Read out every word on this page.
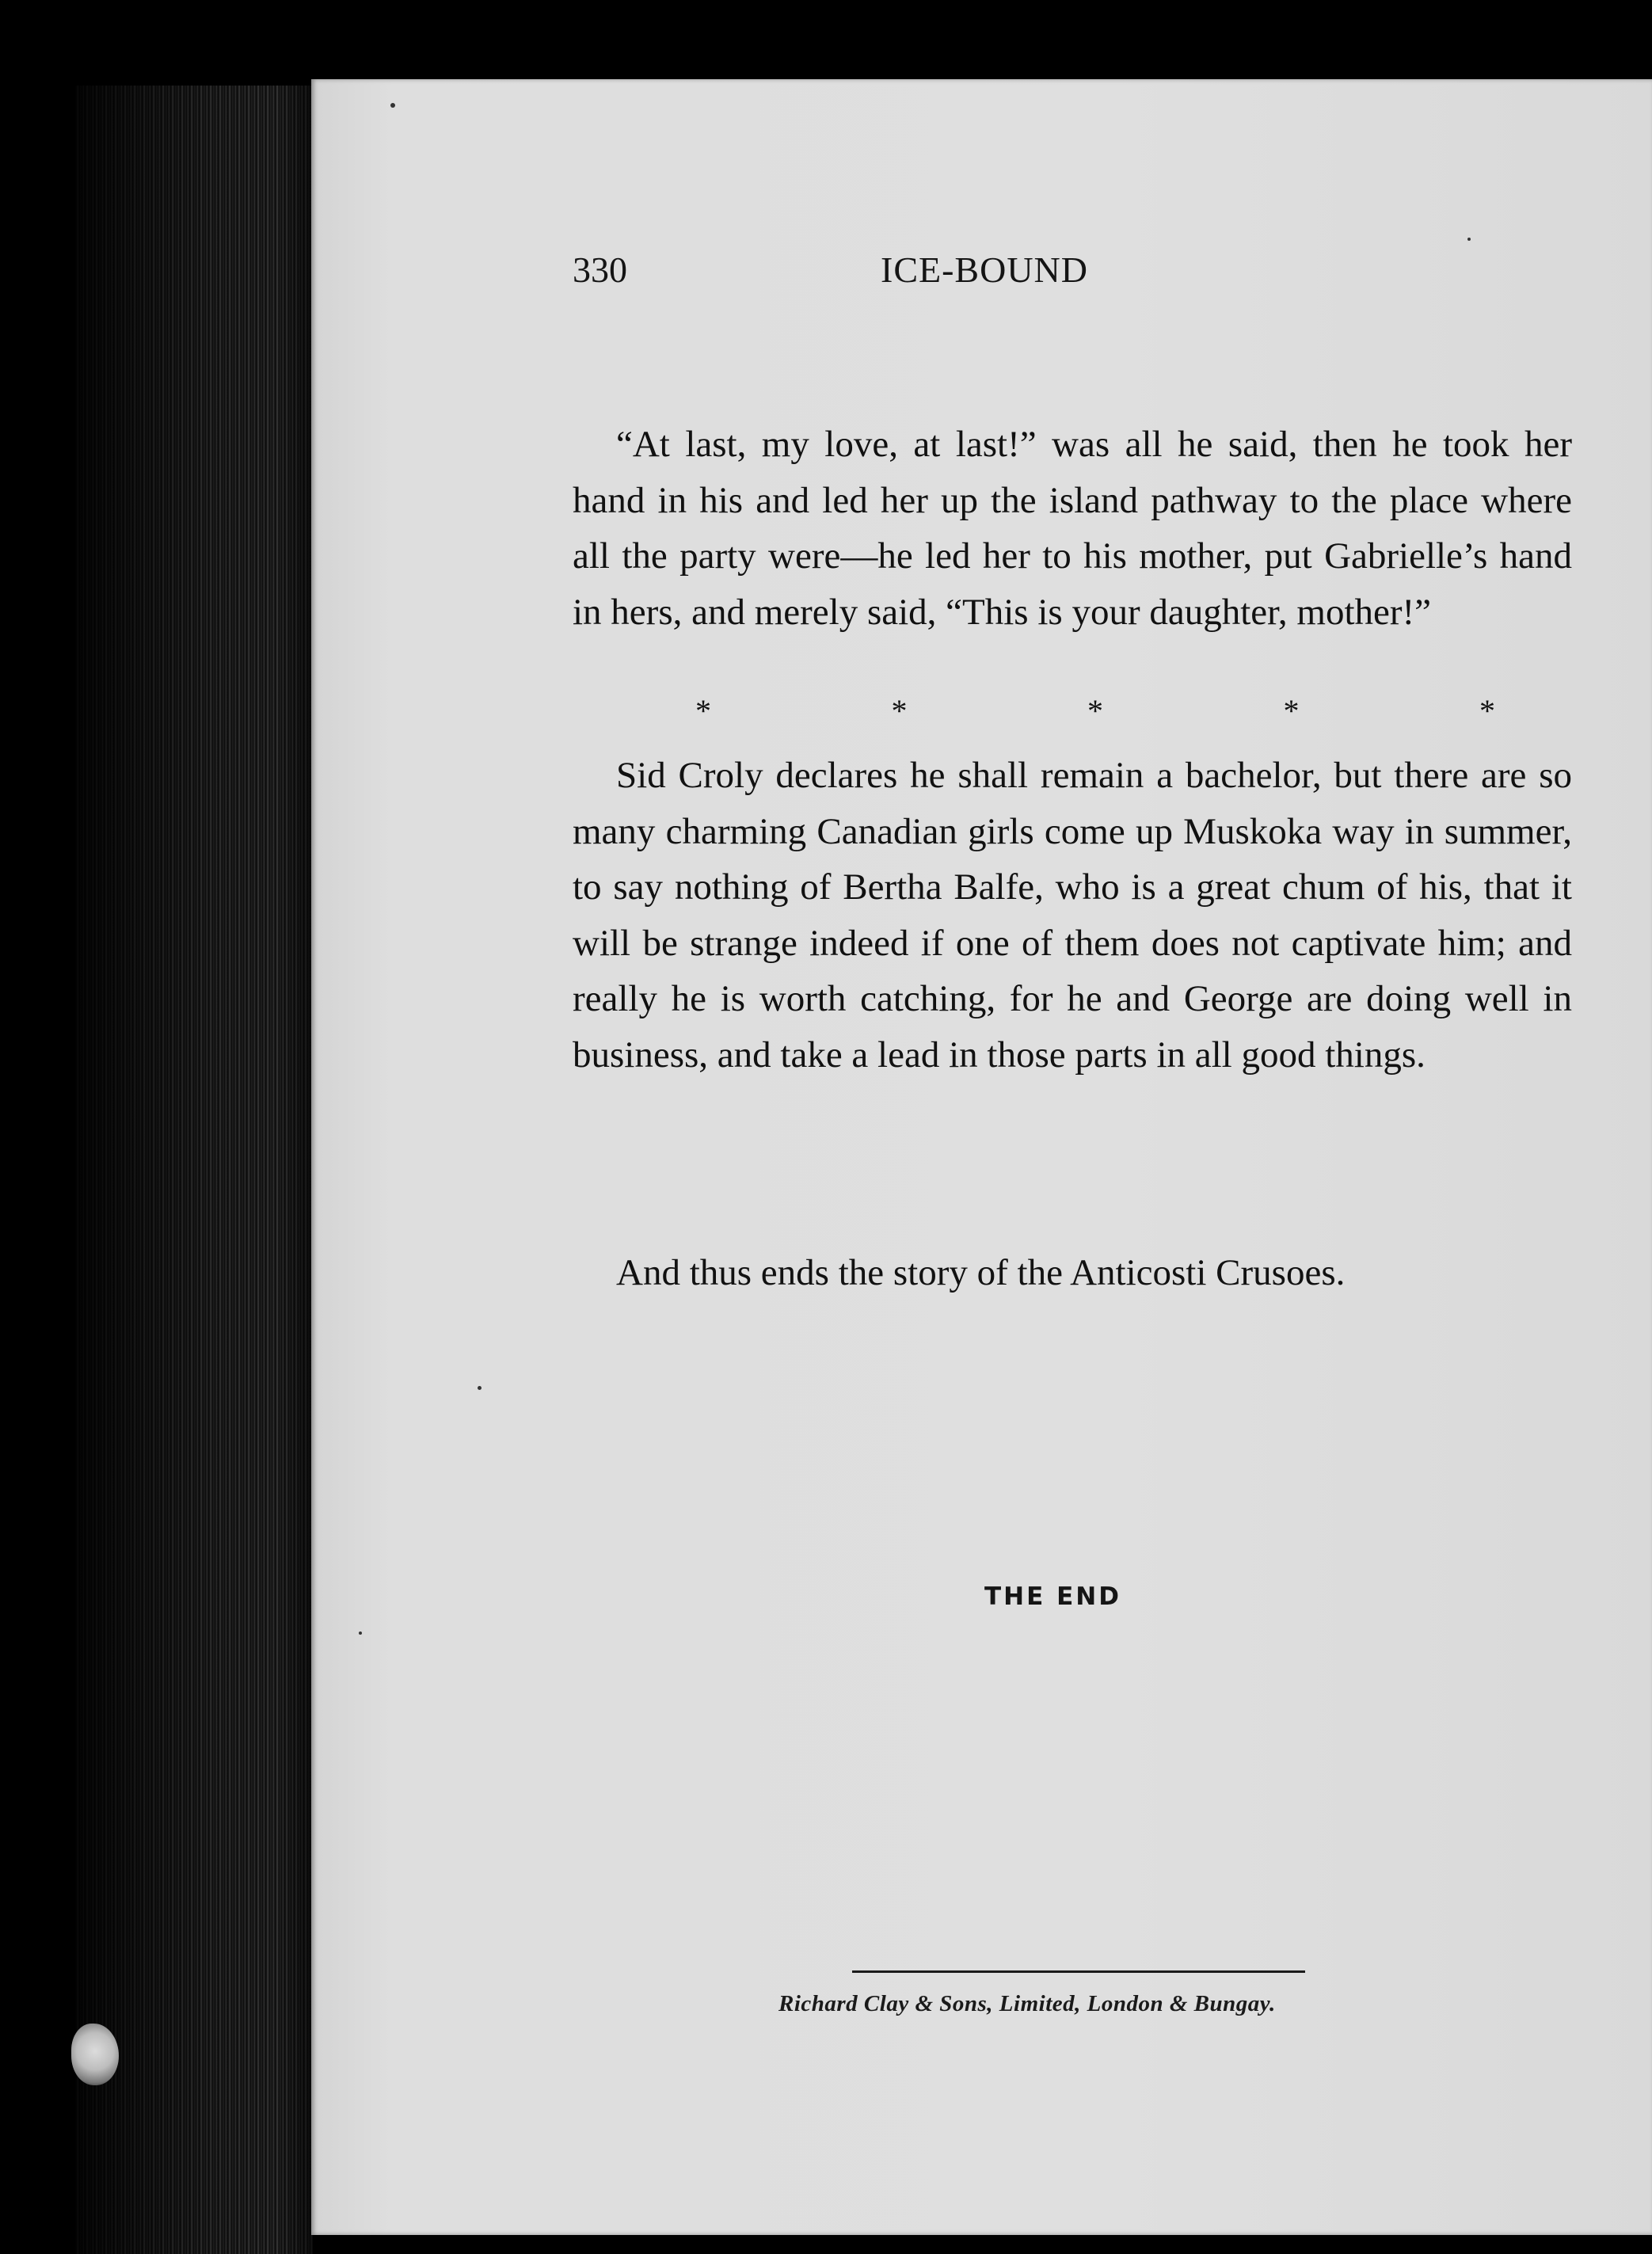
330	ICE-BOUND

“At last, my love, at last!” was all he said, then he took her hand in his and led her up the island pathway to the place where all the party were—he led her to his mother, put Gabrielle’s hand in hers, and merely said, “This is your daughter, mother!”

*	*	*	*	*

Sid Croly declares he shall remain a bachelor, but there are so many charming Canadian girls come up Muskoka way in summer, to say nothing of Bertha Balfe, who is a great chum of his, that it will be strange indeed if one of them does not captivate him; and really he is worth catching, for he and George are doing well in business, and take a lead in those parts in all good things.

And thus ends the story of the Anticosti Crusoes.
THE END
Richard Clay & Sons, Limited, London & Bungay.
